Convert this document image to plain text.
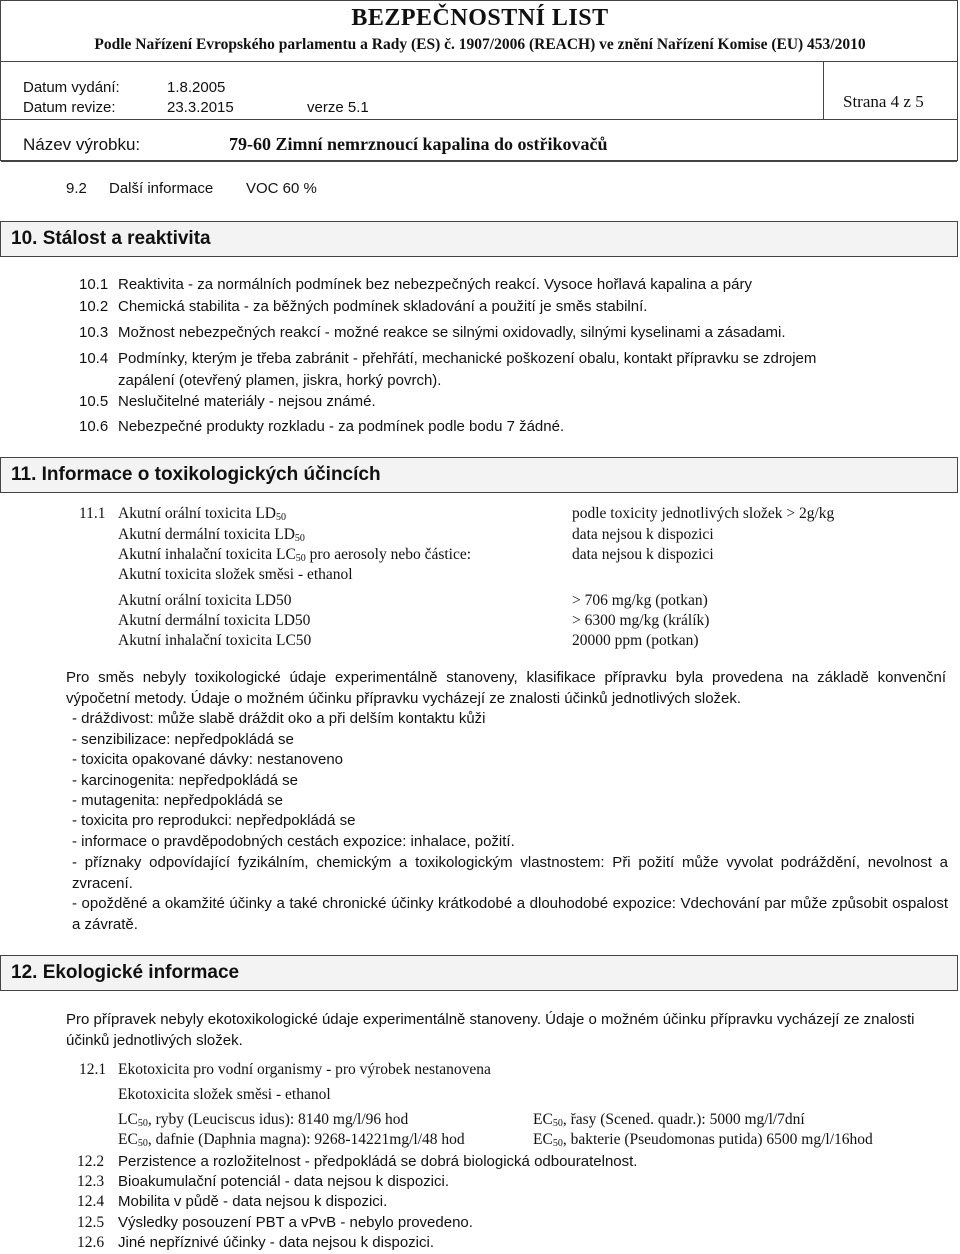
BEZPEČNOSTNÍ LIST
Podle Nařízení Evropského parlamentu a Rady (ES) č. 1907/2006 (REACH) ve znění Nařízení Komise (EU) 453/2010
Datum vydání:	1.8.2005
Datum revize:	23.3.2015	verze 5.1	Strana 4 z 5
Název výrobku:	79-60 Zimní nemrznoucí kapalina do ostřikovačů
9.2 Další informace VOC 60 %
10. Stálost a reaktivita
10.1 Reaktivita - za normálních podmínek bez nebezpečných reakcí. Vysoce hořlavá kapalina a páry
10.2 Chemická stabilita - za běžných podmínek skladování a použití je směs stabilní.
10.3 Možnost nebezpečných reakcí - možné reakce se silnými oxidovadly, silnými kyselinami a zásadami.
10.4 Podmínky, kterým je třeba zabránit - přehřátí, mechanické poškození obalu, kontakt přípravku se zdrojem
zapálení (otevřený plamen, jiskra, horký povrch).
10.5 Neslučitelné materiály - nejsou známé.
10.6 Nebezpečné produkty rozkladu - za podmínek podle bodu 7 žádné.
11. Informace o toxikologických účincích
11.1 Akutní orální toxicita $LD_{50}$	podle toxicity jednotlivých složek > 2g/kg
Akutní dermální toxicita $LD_{50}$	data nejsou k dispozici
Akutní inhalační toxicita $LC_{50}$ pro aerosoly nebo částice:	data nejsou k dispozici
Akutní toxicita složek směsi - ethanol
Akutní orální toxicita LD50	> 706 mg/kg (potkan)
Akutní dermální toxicita LD50	> 6300 mg/kg (králík)
Akutní inhalační toxicita LC50	20000 ppm (potkan)
Pro směs nebyly toxikologické údaje experimentálně stanoveny, klasifikace přípravku byla provedena na základě konvenční výpočetní metody. Údaje o možném účinku přípravku vycházejí ze znalosti účinků jednotlivých složek.
- dráždivost: může slabě dráždit oko a při delším kontaktu kůži
- senzibilizace: nepředpokládá se
- toxicita opakované dávky: nestanoveno
- karcinogenita: nepředpokládá se
- mutagenita: nepředpokládá se
- toxicita pro reprodukci: nepředpokládá se
- informace o pravděpodobných cestách expozice: inhalace, požití.
- příznaky odpovídající fyzikálním, chemickým a toxikologickým vlastnostem: Při požití může vyvolat podráždění, nevolnost a zvracení.
- opožděné a okamžité účinky a také chronické účinky krátkodobé a dlouhodobé expozice: Vdechování par může způsobit ospalost a závratě.
12. Ekologické informace
Pro přípravek nebyly ekotoxikologické údaje experimentálně stanoveny. Údaje o možném účinku přípravku vycházejí ze znalosti účinků jednotlivých složek.
12.1 Ekotoxicita pro vodní organismy - pro výrobek nestanovena
Ekotoxicita složek směsi - ethanol
$LC_{50}$, ryby (Leuciscus idus): 8140 mg/l/96 hod	$EC_{50}$, řasy (Scened. quadr.): 5000 mg/l/7dní
$EC_{50}$, dafnie (Daphnia magna): 9268-14221mg/l/48 hod	$EC_{50}$, bakterie (Pseudomonas putida) 6500 mg/l/16hod
12.2 Perzistence a rozložitelnost - předpokládá se dobrá biologická odbouratelnost.
12.3 Bioakumulační potenciál - data nejsou k dispozici.
12.4 Mobilita v půdě - data nejsou k dispozici.
12.5 Výsledky posouzení PBT a vPvB - nebylo provedeno.
12.6 Jiné nepříznivé účinky - data nejsou k dispozici.
